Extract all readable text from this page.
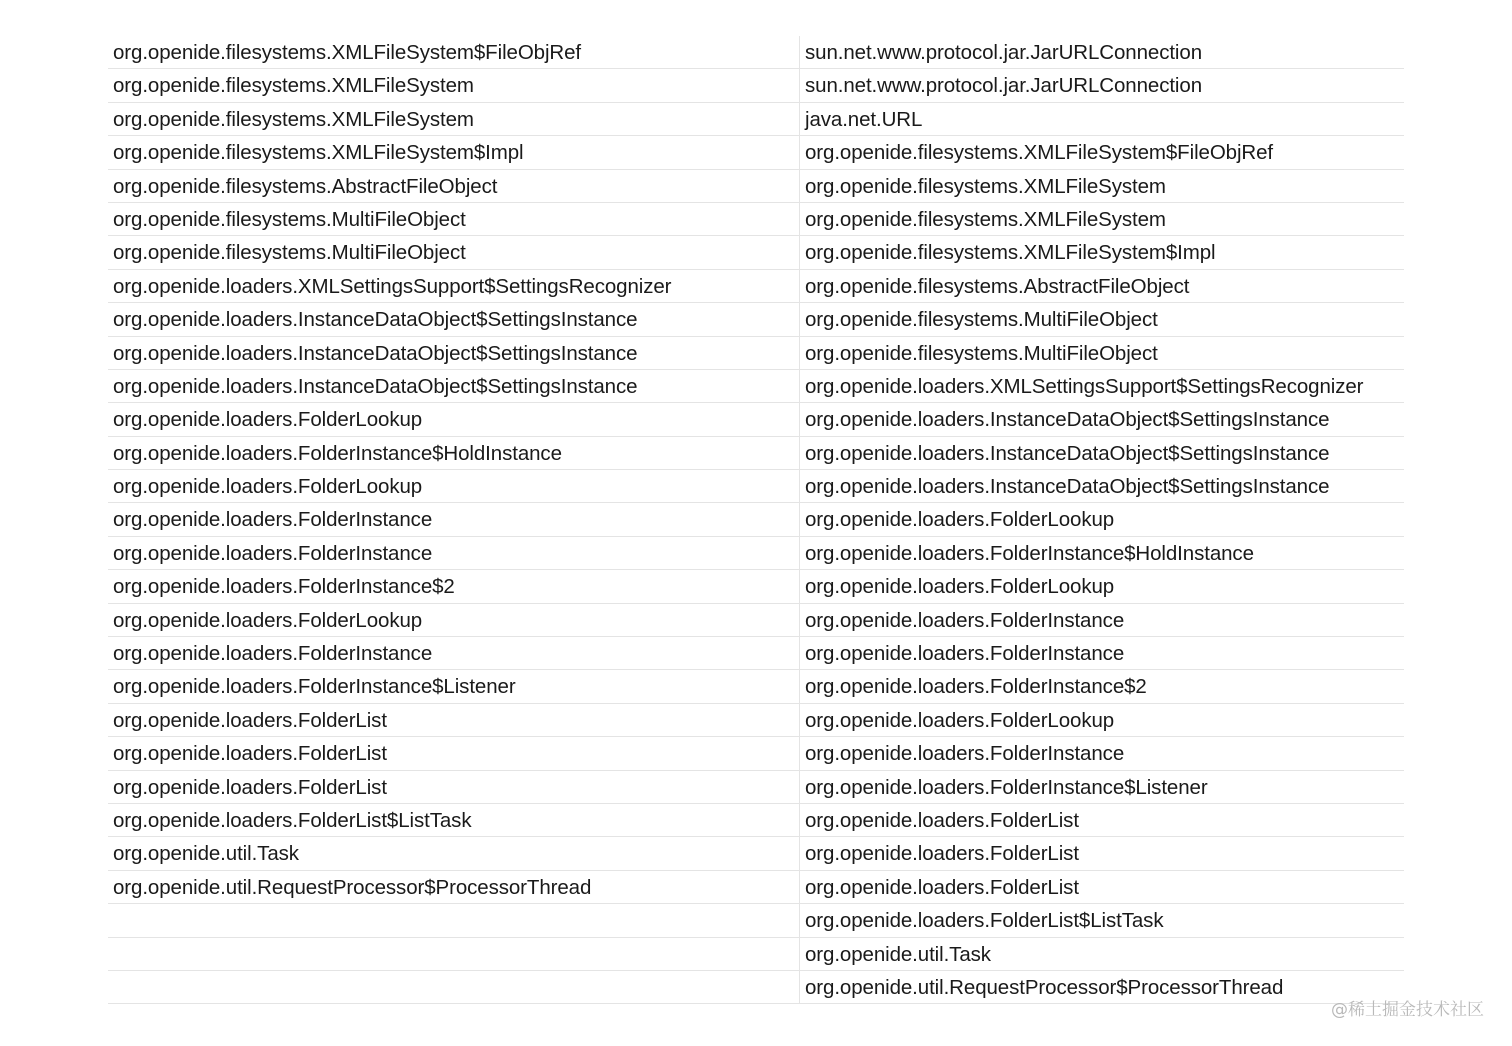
org.openide.filesystems.XMLFileSystem$FileObjRef
org.openide.filesystems.XMLFileSystem
org.openide.filesystems.XMLFileSystem
org.openide.filesystems.XMLFileSystem$Impl
org.openide.filesystems.AbstractFileObject
org.openide.filesystems.MultiFileObject
org.openide.filesystems.MultiFileObject
org.openide.loaders.XMLSettingsSupport$SettingsRecognizer
org.openide.loaders.InstanceDataObject$SettingsInstance
org.openide.loaders.InstanceDataObject$SettingsInstance
org.openide.loaders.InstanceDataObject$SettingsInstance
org.openide.loaders.FolderLookup
org.openide.loaders.FolderInstance$HoldInstance
org.openide.loaders.FolderLookup
org.openide.loaders.FolderInstance
org.openide.loaders.FolderInstance
org.openide.loaders.FolderInstance$2
org.openide.loaders.FolderLookup
org.openide.loaders.FolderInstance
org.openide.loaders.FolderInstance$Listener
org.openide.loaders.FolderList
org.openide.loaders.FolderList
org.openide.loaders.FolderList
org.openide.loaders.FolderList$ListTask
org.openide.util.Task
org.openide.util.RequestProcessor$ProcessorThread
sun.net.www.protocol.jar.JarURLConnection
sun.net.www.protocol.jar.JarURLConnection
java.net.URL
org.openide.filesystems.XMLFileSystem$FileObjRef
org.openide.filesystems.XMLFileSystem
org.openide.filesystems.XMLFileSystem
org.openide.filesystems.XMLFileSystem$Impl
org.openide.filesystems.AbstractFileObject
org.openide.filesystems.MultiFileObject
org.openide.filesystems.MultiFileObject
org.openide.loaders.XMLSettingsSupport$SettingsRecognizer
org.openide.loaders.InstanceDataObject$SettingsInstance
org.openide.loaders.InstanceDataObject$SettingsInstance
org.openide.loaders.InstanceDataObject$SettingsInstance
org.openide.loaders.FolderLookup
org.openide.loaders.FolderInstance$HoldInstance
org.openide.loaders.FolderLookup
org.openide.loaders.FolderInstance
org.openide.loaders.FolderInstance
org.openide.loaders.FolderInstance$2
org.openide.loaders.FolderLookup
org.openide.loaders.FolderInstance
org.openide.loaders.FolderInstance$Listener
org.openide.loaders.FolderList
org.openide.loaders.FolderList
org.openide.loaders.FolderList
org.openide.loaders.FolderList$ListTask
org.openide.util.Task
org.openide.util.RequestProcessor$ProcessorThread
@稀土掘金技术社区
